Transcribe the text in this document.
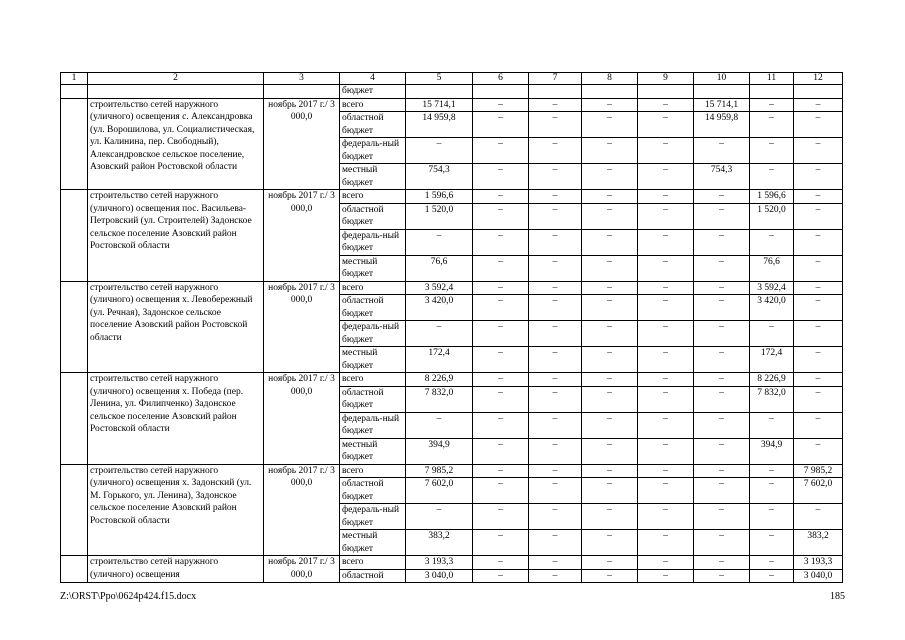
1	2	3	4	5	6	7	8	9	10	11	12
			бюджет								
	строительство сетей наружного (уличного) освещения с. Александровка (ул. Ворошилова, ул. Социалистическая, ул. Калинина, пер. Свободный), Александровское сельское поселение, Азовский район Ростовской области	ноябрь 2017 г./ 3 000,0	всего	15 714,1	–	–	–	–	15 714,1	–	–
			областной бюджет	14 959,8	–	–	–	–	14 959,8	–	–
			федераль-ный бюджет	–	–	–	–	–	–	–	–
			местный бюджет	754,3	–	–	–	–	754,3	–	–
	строительство сетей наружного (уличного) освещения пос. Васильева-Петровский (ул. Строителей) Задонское сельское поселение Азовский район Ростовской области	ноябрь 2017 г./ 3 000,0	всего	1 596,6	–	–	–	–	–	1 596,6	–
			областной бюджет	1 520,0	–	–	–	–	–	1 520,0	–
			федераль-ный бюджет	–	–	–	–	–	–	–	–
			местный бюджет	76,6	–	–	–	–	–	76,6	–
	строительство сетей наружного (уличного) освещения х. Левобережный (ул. Речная), Задонское сельское поселение Азовский район Ростовской области	ноябрь 2017 г./ 3 000,0	всего	3 592,4	–	–	–	–	–	3 592,4	–
			областной бюджет	3 420,0	–	–	–	–	–	3 420,0	–
			федераль-ный бюджет	–	–	–	–	–	–	–	–
			местный бюджет	172,4	–	–	–	–	–	172,4	–
	строительство сетей наружного (уличного) освещения х. Победа (пер. Ленина, ул. Филипченко) Задонское сельское поселение Азовский район Ростовской области	ноябрь 2017 г./ 3 000,0	всего	8 226,9	–	–	–	–	–	8 226,9	–
			областной бюджет	7 832,0	–	–	–	–	–	7 832,0	–
			федераль-ный бюджет	–	–	–	–	–	–	–	–
			местный бюджет	394,9	–	–	–	–	–	394,9	–
	строительство сетей наружного (уличного) освещения х. Задонский (ул. М. Горького, ул. Ленина), Задонское сельское поселение Азовский район Ростовской области	ноябрь 2017 г./ 3 000,0	всего	7 985,2	–	–	–	–	–	–	7 985,2
			областной бюджет	7 602,0	–	–	–	–	–	–	7 602,0
			федераль-ный бюджет	–	–	–	–	–	–	–	–
			местный бюджет	383,2	–	–	–	–	–	–	383,2
	строительство сетей наружного (уличного) освещения	ноябрь 2017 г./ 3 000,0	всего	3 193,3	–	–	–	–	–	–	3 193,3
			областной	3 040,0	–	–	–	–	–	–	3 040,0
Z:\ORST\Ppo\0624p424.f15.docx	185
